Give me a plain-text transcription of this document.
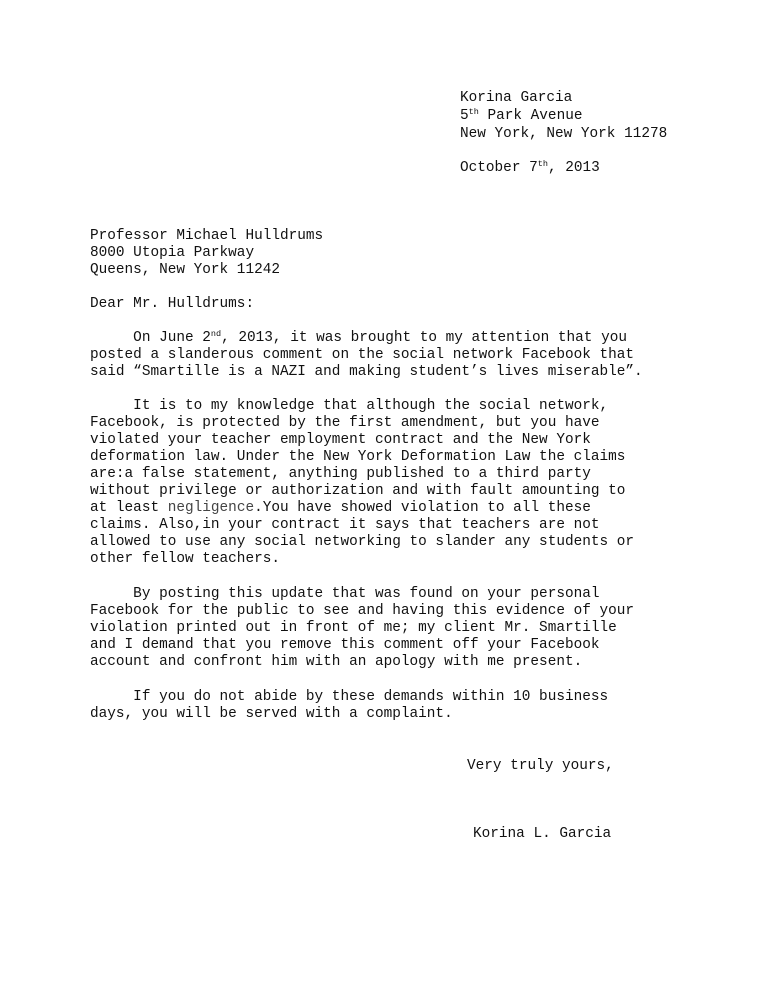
Korina Garcia
5th Park Avenue
New York, New York 11278
October 7th, 2013
Professor Michael Hulldrums
8000 Utopia Parkway
Queens, New York 11242
Dear Mr. Hulldrums:
On June 2nd, 2013, it was brought to my attention that you
posted a slanderous comment on the social network Facebook that
said “Smartille is a NAZI and making student’s lives miserable”.
It is to my knowledge that although the social network,
Facebook, is protected by the first amendment, but you have
violated your teacher employment contract and the New York
deformation law. Under the New York Deformation Law the claims
are:a false statement, anything published to a third party
without privilege or authorization and with fault amounting to
at least negligence.You have showed violation to all these
claims. Also,in your contract it says that teachers are not
allowed to use any social networking to slander any students or
other fellow teachers.
By posting this update that was found on your personal
Facebook for the public to see and having this evidence of your
violation printed out in front of me; my client Mr. Smartille
and I demand that you remove this comment off your Facebook
account and confront him with an apology with me present.
If you do not abide by these demands within 10 business
days, you will be served with a complaint.
Very truly yours,
Korina L. Garcia
